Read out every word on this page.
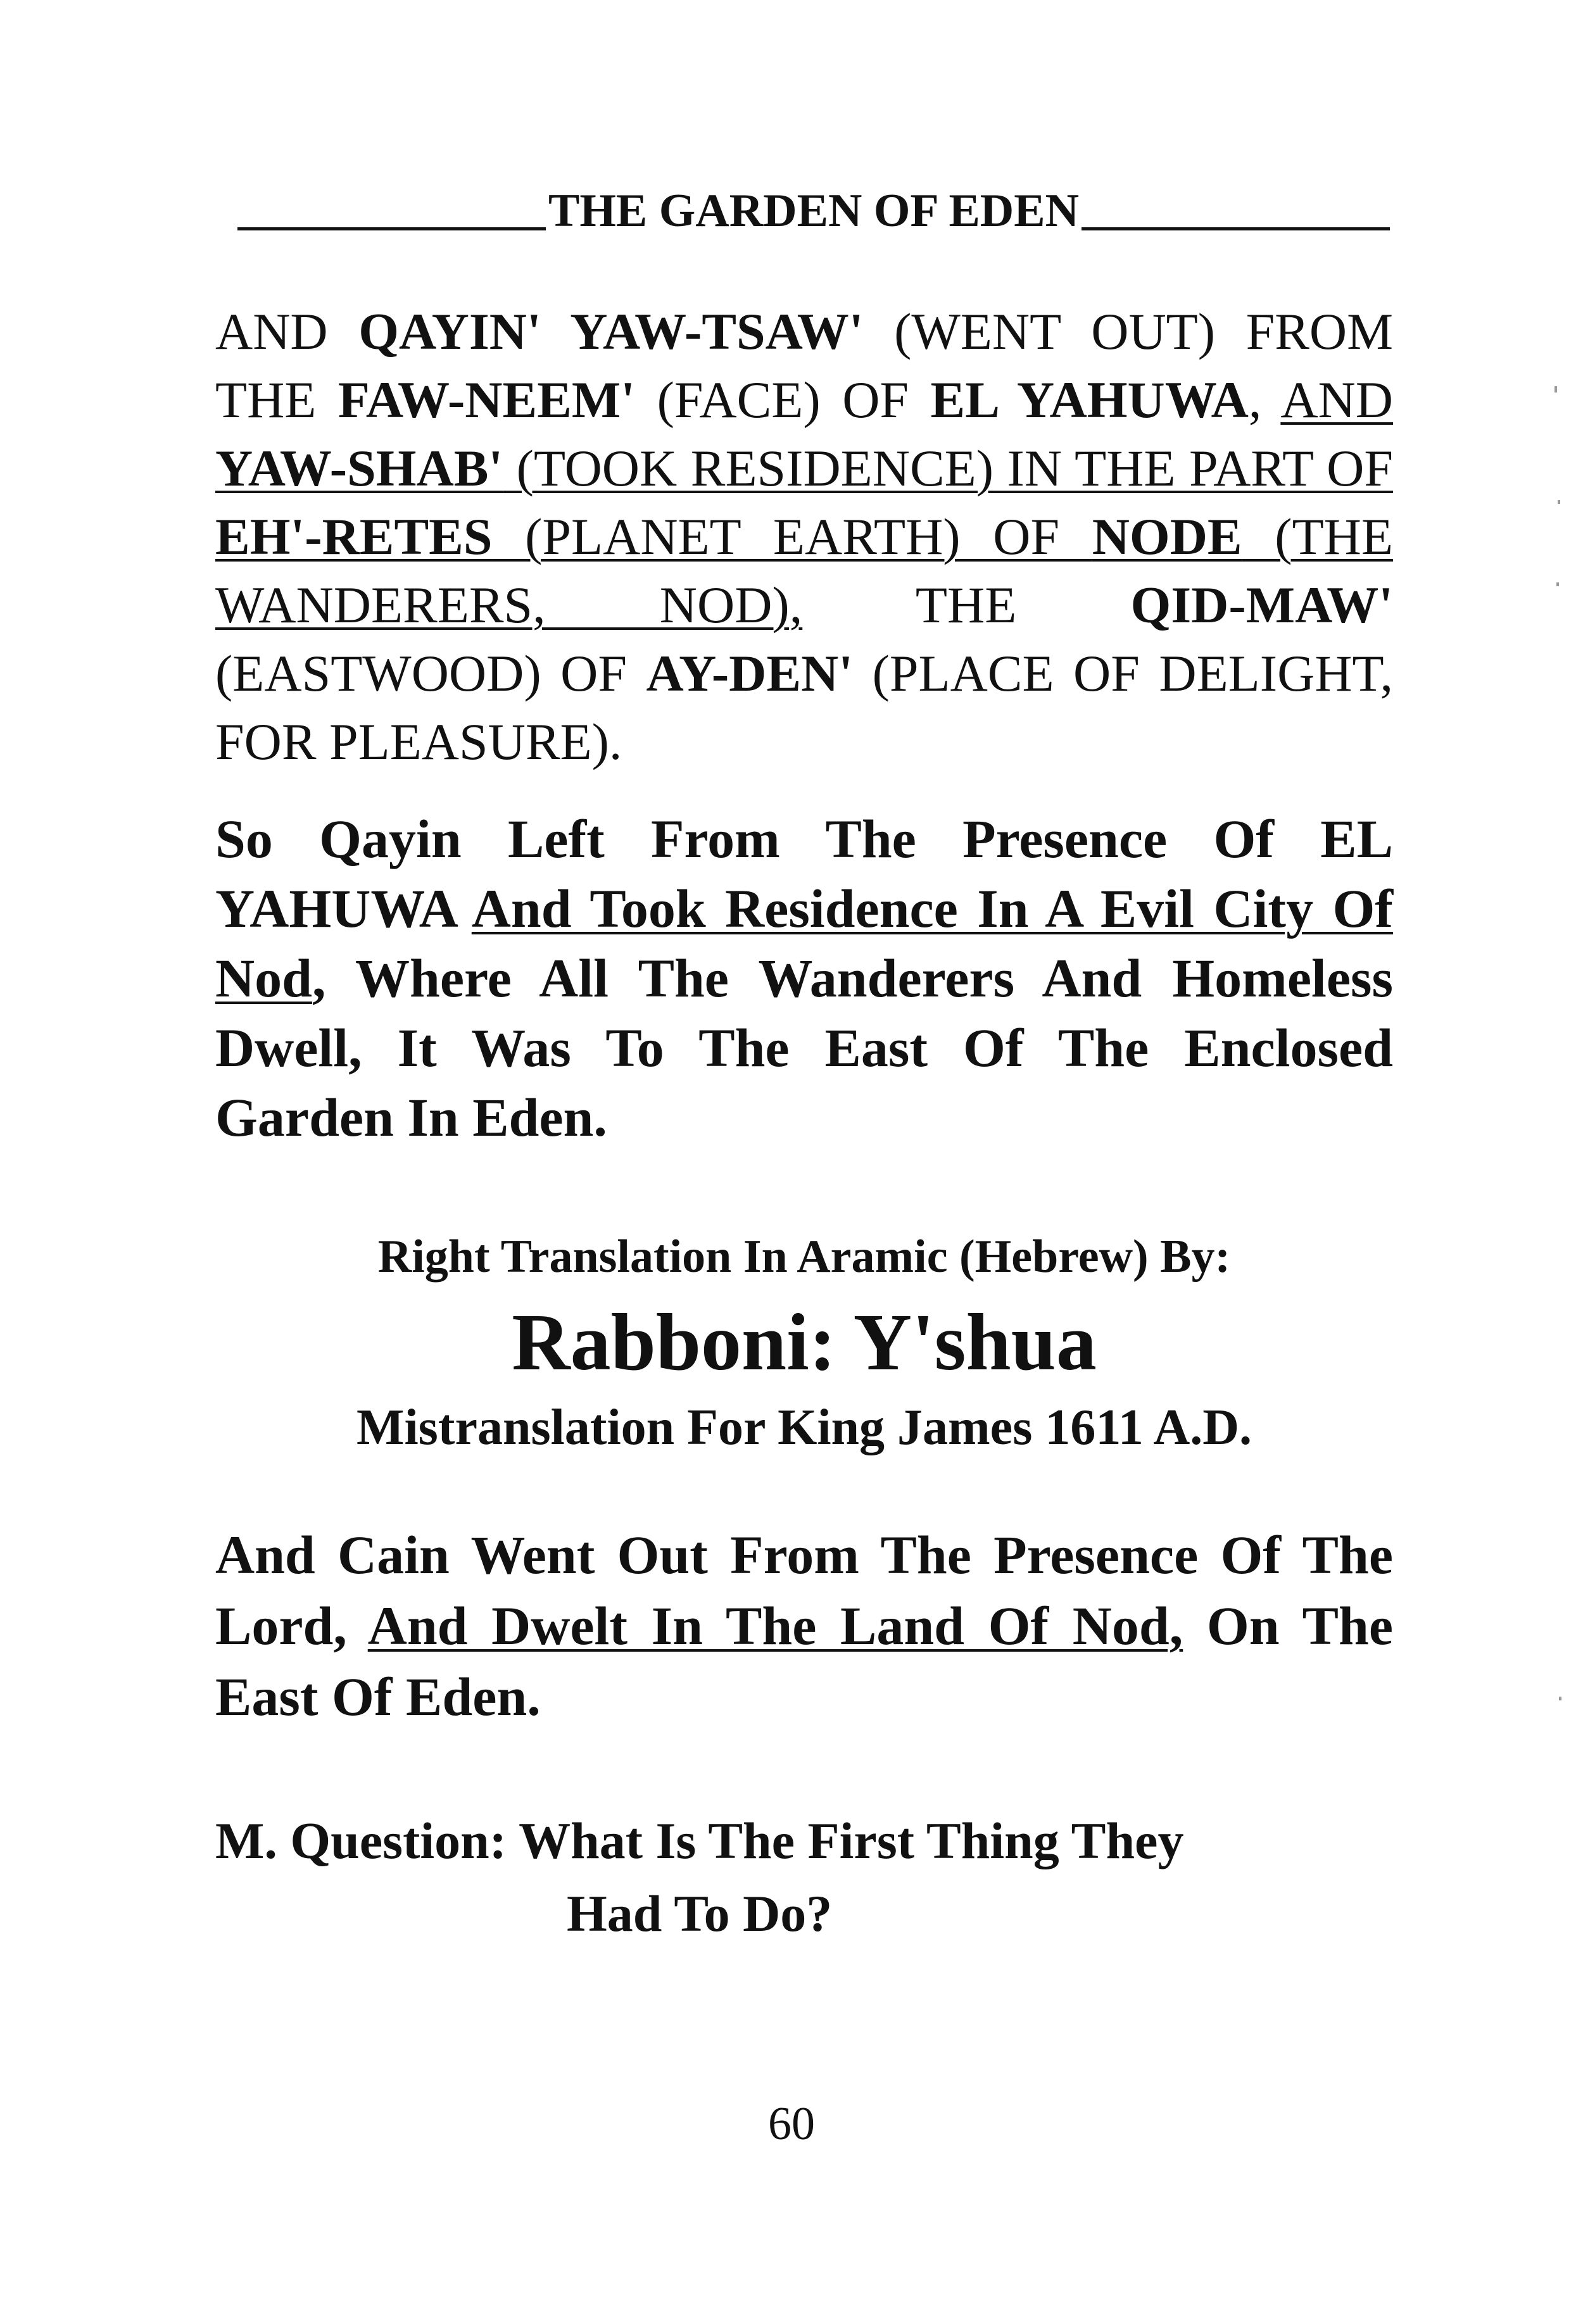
THE GARDEN OF EDEN
AND QAYIN' YAW-TSAW' (WENT OUT) FROM THE FAW-NEEM' (FACE) OF EL YAHUWA, AND YAW-SHAB' (TOOK RESIDENCE) IN THE PART OF EH'-RETES (PLANET EARTH) OF NODE (THE WANDERERS, NOD), THE QID-MAW' (EASTWOOD) OF AY-DEN' (PLACE OF DELIGHT, FOR PLEASURE).
So Qayin Left From The Presence Of EL YAHUWA And Took Residence In A Evil City Of Nod, Where All The Wanderers And Homeless Dwell, It Was To The East Of The Enclosed Garden In Eden.
Right Translation In Aramic (Hebrew) By:
Rabboni: Y'shua
Mistranslation For King James 1611 A.D.
And Cain Went Out From The Presence Of The Lord, And Dwelt In The Land Of Nod, On The East Of Eden.
M. Question: What Is The First Thing They
Had To Do?
60
